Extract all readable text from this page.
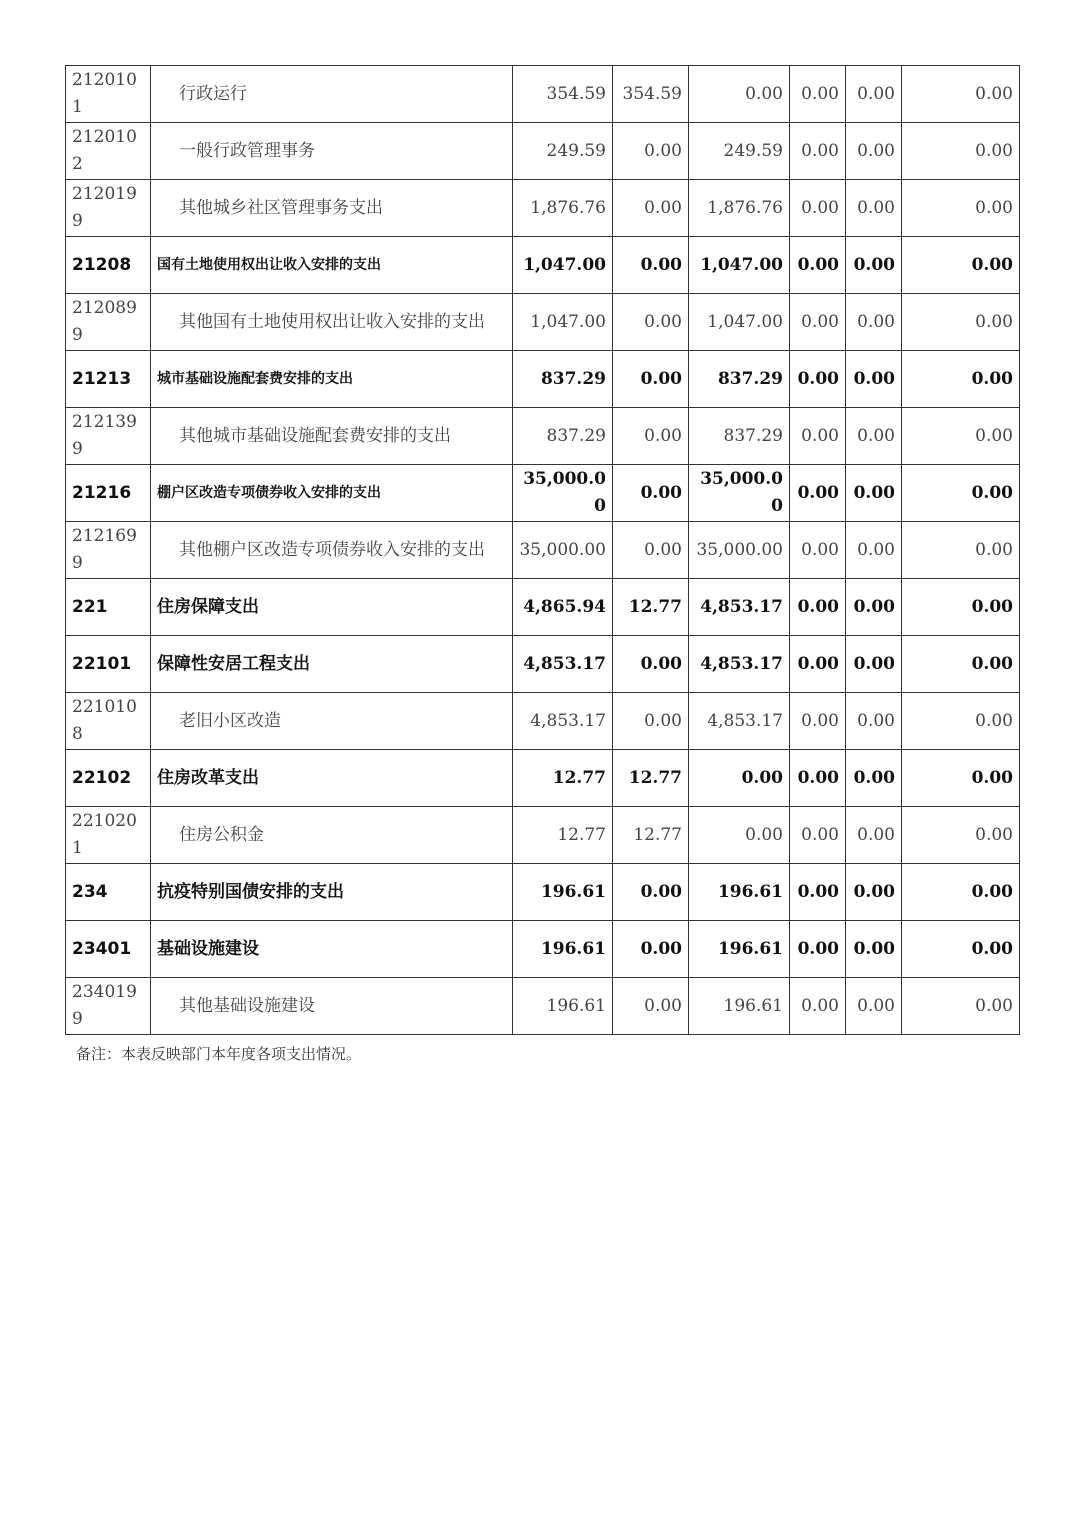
2120101	行政运行	354.59	354.59	0.00	0.00	0.00	0.00
2120102	一般行政管理事务	249.59	0.00	249.59	0.00	0.00	0.00
2120199	其他城乡社区管理事务支出	1,876.76	0.00	1,876.76	0.00	0.00	0.00
21208	国有土地使用权出让收入安排的支出	1,047.00	0.00	1,047.00	0.00	0.00	0.00
2120899	其他国有土地使用权出让收入安排的支出	1,047.00	0.00	1,047.00	0.00	0.00	0.00
21213	城市基础设施配套费安排的支出	837.29	0.00	837.29	0.00	0.00	0.00
2121399	其他城市基础设施配套费安排的支出	837.29	0.00	837.29	0.00	0.00	0.00
21216	棚户区改造专项债券收入安排的支出	35,000.00	0.00	35,000.00	0.00	0.00	0.00
2121699	其他棚户区改造专项债券收入安排的支出	35,000.00	0.00	35,000.00	0.00	0.00	0.00
221	住房保障支出	4,865.94	12.77	4,853.17	0.00	0.00	0.00
22101	保障性安居工程支出	4,853.17	0.00	4,853.17	0.00	0.00	0.00
2210108	老旧小区改造	4,853.17	0.00	4,853.17	0.00	0.00	0.00
22102	住房改革支出	12.77	12.77	0.00	0.00	0.00	0.00
2210201	住房公积金	12.77	12.77	0.00	0.00	0.00	0.00
234	抗疫特别国债安排的支出	196.61	0.00	196.61	0.00	0.00	0.00
23401	基础设施建设	196.61	0.00	196.61	0.00	0.00	0.00
2340199	其他基础设施建设	196.61	0.00	196.61	0.00	0.00	0.00
备注：本表反映部门本年度各项支出情况。
